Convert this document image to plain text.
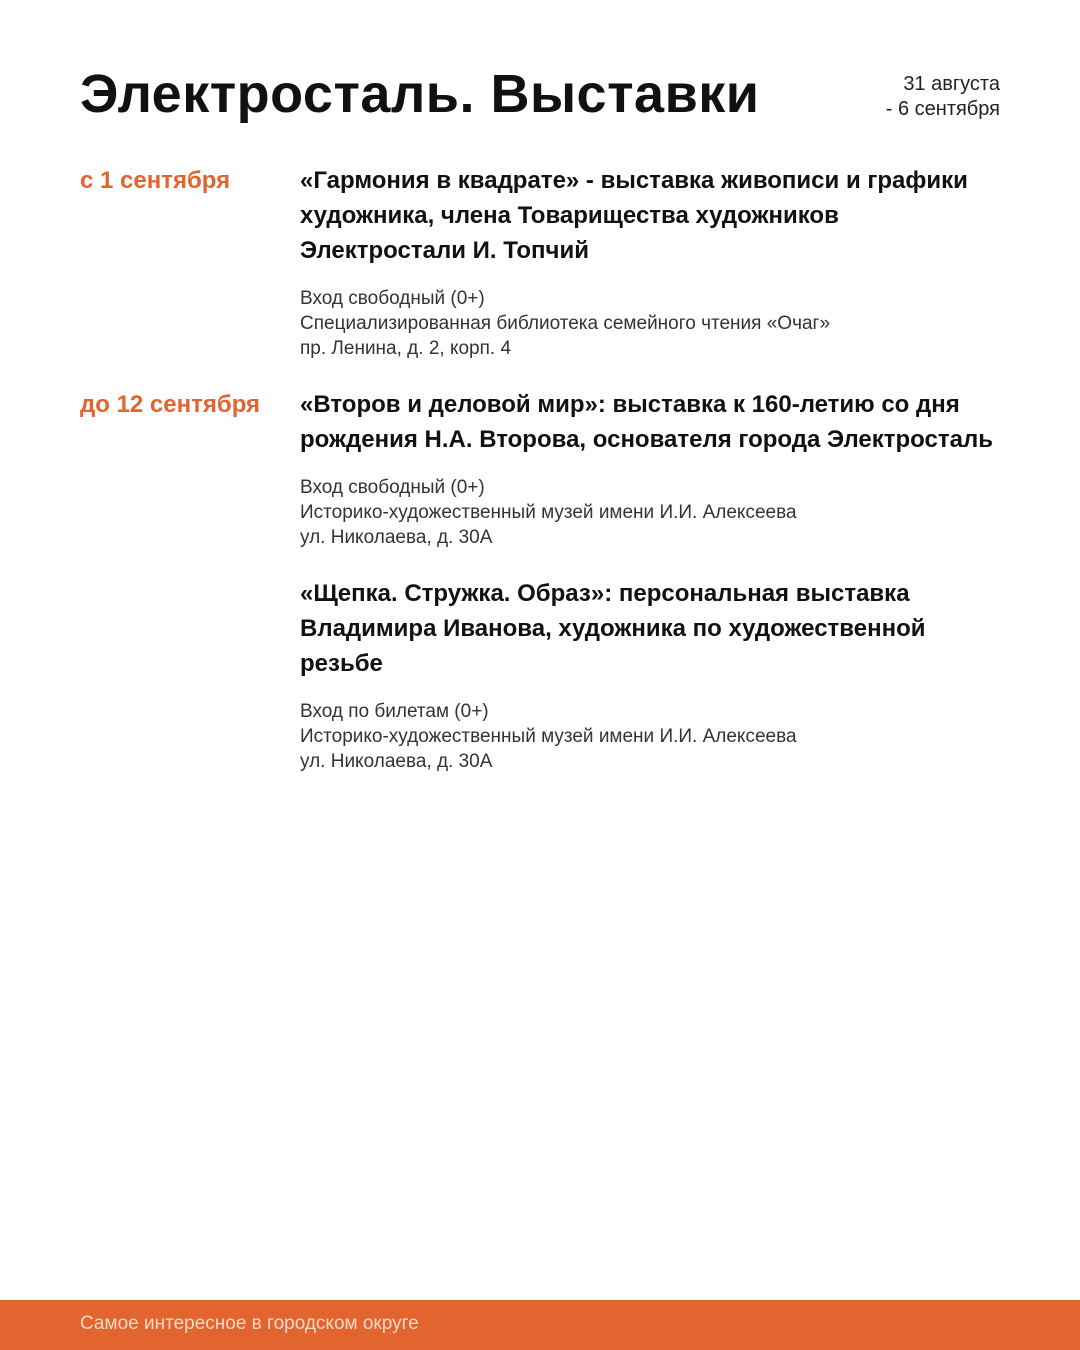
Электросталь. Выставки	31 августа
- 6 сентября
с 1 сентября	«Гармония в квадрате» - выставка живописи и графики художника, члена Товарищества художников Электростали И. Топчий
Вход свободный (0+)
Специализированная библиотека семейного чтения «Очаг»
пр. Ленина, д. 2, корп. 4
до 12 сентября	«Второв и деловой мир»: выставка к 160-летию со дня рождения Н.А. Второва, основателя города Электросталь
Вход свободный (0+)
Историко-художественный музей имени И.И. Алексеева
ул. Николаева, д. 30А
«Щепка. Стружка. Образ»: персональная выставка Владимира Иванова, художника по художественной резьбе
Вход по билетам (0+)
Историко-художественный музей имени И.И. Алексеева
ул. Николаева, д. 30А
Самое интересное в городском округе
